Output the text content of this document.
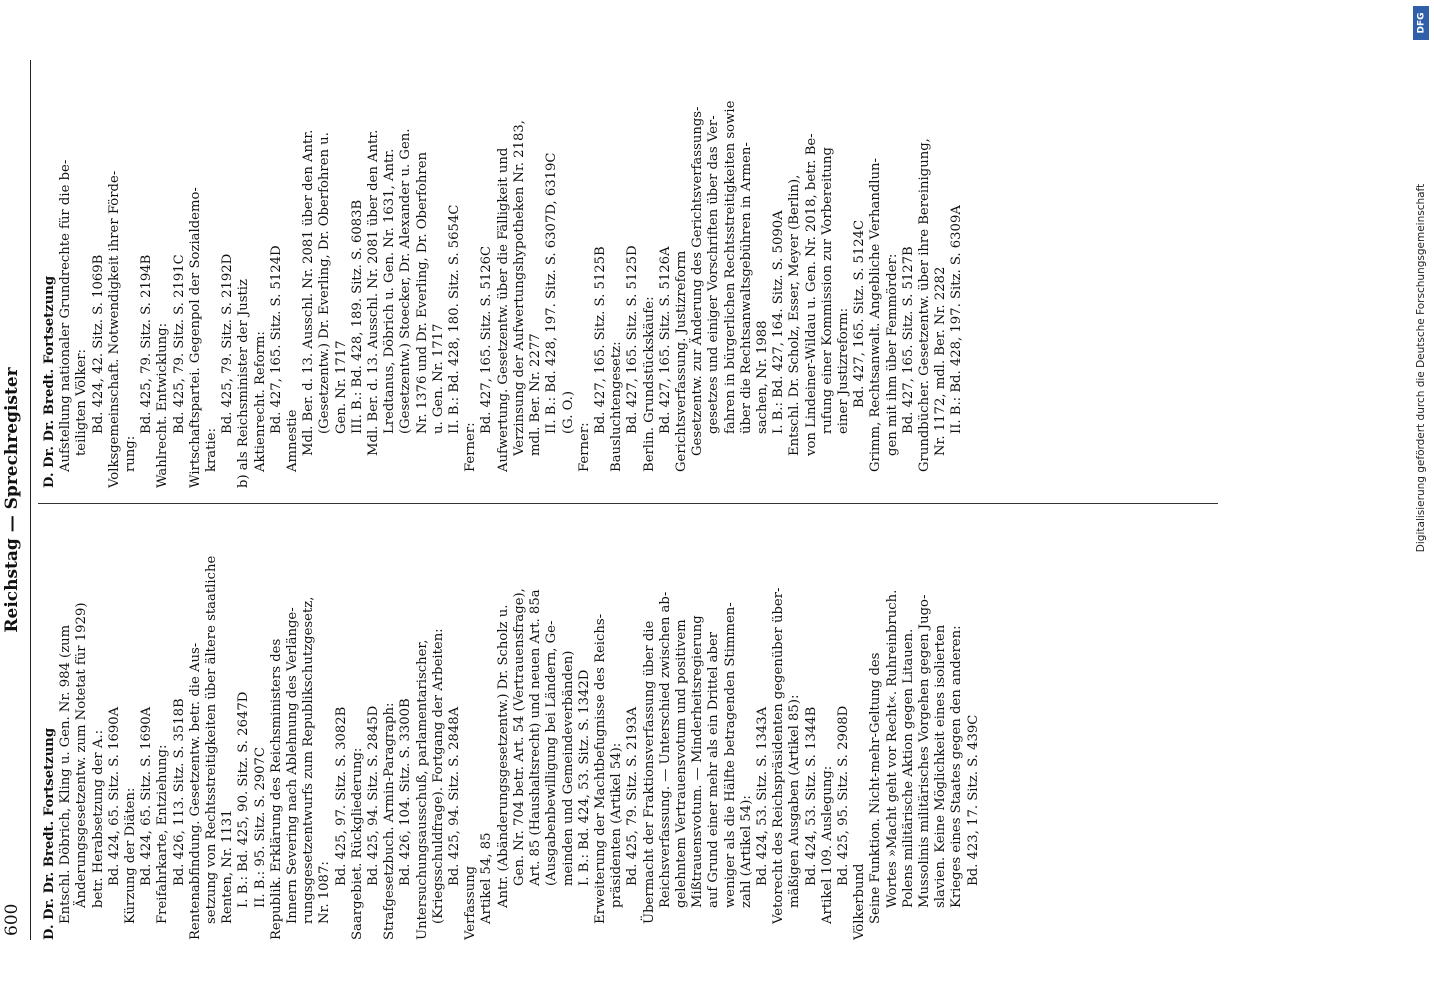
600
Reichstag — Sprechregister
D. Dr. Dr. Bredt. Fortsetzung Entschl. Döbrich, Kling u. Gen. Nr. 984 (zum Änderungsgesetzentw. zum Notetat für 1929) betr. Herabsetzung der A.: Bd. 424, 65. Sitz. S. 1690A Kürzung der Diäten: Bd. 424, 65. Sitz. S. 1690A Freifahrkarte, Entziehung: Bd. 426, 113. Sitz. S. 3518B Rentenabfindung. Gesetzentw. betr. die Aus- setzung von Rechtsstreitigkeiten über ältere staatliche Renten, Nr. 1131 I. B.: Bd. 425, 90. Sitz. S. 2647D II. B.: 95. Sitz. S. 2907C Republik. Erklärung des Reichsministers des Innern Severing nach Ablehnung des Verlänge- rungsgesetzentwurfs zum Republikschutzgesetz, Nr. 1087:
Bd. 425, 97. Sitz. S. 3082B Saargebiet. Rückgliederung: Bd. 425, 94. Sitz. S. 2845D Strafgesetzbuch. Armin-Paragraph: Bd. 426, 104. Sitz. S. 3300B Untersuchungsausschuß, parlamentarischer, (Kriegsschuldfrage). Fortgang der Arbeiten: Bd. 425, 94. Sitz. S. 2848A
Verfassung Artikel 54, 85 Antr. (Abänderungsgesetzentw.) Dr. Scholz u. Gen. Nr. 704 betr. Art. 54 (Vertrauensfrage), Art. 85 (Haushaltsrecht) und neuen Art. 85a (Ausgabenbewilligung bei Ländern, Ge- meinden und Gemeindeverbänden) I. B.: Bd. 424, 53. Sitz. S. 1342D Erweiterung der Machtbefugnisse des Reichs- präsidenten (Artikel 54): Bd. 425, 79. Sitz. S. 2193A Übermacht der Fraktionsverfassung über die Reichsverfassung. — Unterschied zwischen ab- gelehntem Vertrauensvotum und positivem Mißtrauensvotum. — Minderheitsregierung auf Grund einer mehr als ein Drittel aber weniger als die Hälfte betragenden Stimmen- zahl (Artikel 54): Bd. 424, 53. Sitz. S. 1343A Vetorecht des Reichspräsidenten gegenüber über- mäßigen Ausgaben (Artikel 85): Bd. 424, 53. Sitz. S. 1344B Artikel 109. Auslegung: Bd. 425, 95. Sitz. S. 2908D
Völkerbund Seine Funktion. Nicht-mehr-Geltung des Wortes »Macht geht vor Recht«. Ruhreinbruch. Polens militärische Aktion gegen Litauen. Mussolinis militärisches Vorgehen gegen Jugo- slavien. Keine Möglichkeit eines isolierten Krieges eines Staates gegen den anderen: Bd. 423, 17. Sitz. S. 439C
D. Dr. Dr. Bredt. Fortsetzung Aufstellung nationaler Grundrechte für die be- teiligten Völker: Bd. 424, 42. Sitz. S. 1069B Volksgemeinschaft. Notwendigkeit ihrer Förde- rung:
Bd. 425, 79. Sitz. S. 2194B Wahlrecht. Entwicklung: Bd. 425, 79. Sitz. S. 2191C Wirtschaftspartei. Gegenpol der Sozialdemo- kratie:
Bd. 425, 79. Sitz. S. 2192D b) als Reichsminister der Justiz Aktienrecht. Reform: Bd. 427, 165. Sitz. S. 5124D
Amnestie Mdl. Ber. d. 13. Ausschl. Nr. 2081 über den Antr. (Gesetzentw.) Dr. Everling, Dr. Oberfohren u. Gen. Nr. 1717 III. B.: Bd. 428, 189. Sitz. S. 6083B Mdl. Ber. d. 13. Ausschl. Nr. 2081 über den Antr. Lredtanus, Döbrich u. Gen. Nr. 1631, Antr. (Gesetzentw.) Stoecker, Dr. Alexander u. Gen. Nr. 1376 und Dr. Everling, Dr. Oberfohren u. Gen. Nr. 1717 II. B.: Bd. 428, 180. Sitz. S. 5654C
Ferner:
Bd. 427, 165. Sitz. S. 5126C Aufwertung. Gesetzentw. über die Fälligkeit und Verzinsung der Aufwertungshypotheken Nr. 2183, mdl. Ber. Nr. 2277 II. B.: Bd. 428, 197. Sitz. S. 6307D, 6319C (G. O.)
Ferner:
Bd. 427, 165. Sitz. S. 5125B Bausluchtengesetz: Bd. 427, 165. Sitz. S. 5125D Berlin. Grundstückskäufe: Bd. 427, 165. Sitz. S. 5126A Gerichtsverfassung. Justizreform Gesetzentw. zur Änderung des Gerichtsverfassungs- gesetzes und einiger Vorschriften über das Ver- fahren in bürgerlichen Rechtsstreitigkeiten sowie über die Rechtsanwaltsgebühren in Armen- sachen, Nr. 1988 I. B.: Bd. 427, 164. Sitz. S. 5090A Entschl. Dr. Scholz, Esser, Meyer (Berlin), von Lindeiner-Wildau u. Gen. Nr. 2018, betr. Be- rufung einer Kommission zur Vorbereitung einer Justizreform: Bd. 427, 165. Sitz. S. 5124C Grimm, Rechtsanwalt. Angebliche Verhandlun- gen mit ihm über Femmörder: Bd. 427, 165. Sitz. S. 5127B Grundbücher. Gesetzentw. über ihre Bereinigung, Nr. 1172, mdl. Ber. Nr. 2282 II. B.: Bd. 428, 197. Sitz. S. 6309A
DFG
Digitalisierung gefördert durch die Deutsche Forschungsgemeinschaft
